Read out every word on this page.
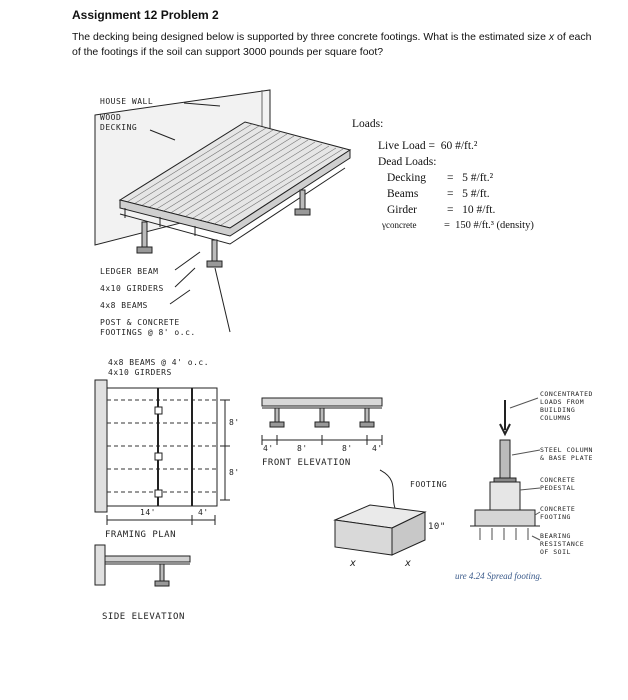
Assignment 12 Problem 2
The decking being designed below is supported by three concrete footings. What is the estimated size x of each of the footings if the soil can support 3000 pounds per square foot?
HOUSE WALL
WOOD
DECKING
LEDGER BEAM
4x10 GIRDERS
4x8 BEAMS
POST & CONCRETE
FOOTINGS @ 8' o.c.
Loads:
Live Load = 60 #/ft.²
Dead Loads:
Decking = 5 #/ft.²
Beams = 5 #/ft.
Girder	= 10 #/ft.
γconcrete	= 150 #/ft.³ (density)
4x8 BEAMS @ 4' o.c.
4x10 GIRDERS
14'	4'
8'
8'
FRAMING PLAN
SIDE ELEVATION
4'	8'	8' 4'
FRONT ELEVATION
FOOTING
10"
x	x
CONCENTRATED
LOADS FROM
BUILDING
COLUMNS
STEEL COLUMN
& BASE PLATE
CONCRETE
PEDESTAL
CONCRETE
FOOTING
BEARING
RESISTANCE
OF SOIL
ure 4.24 Spread footing.
